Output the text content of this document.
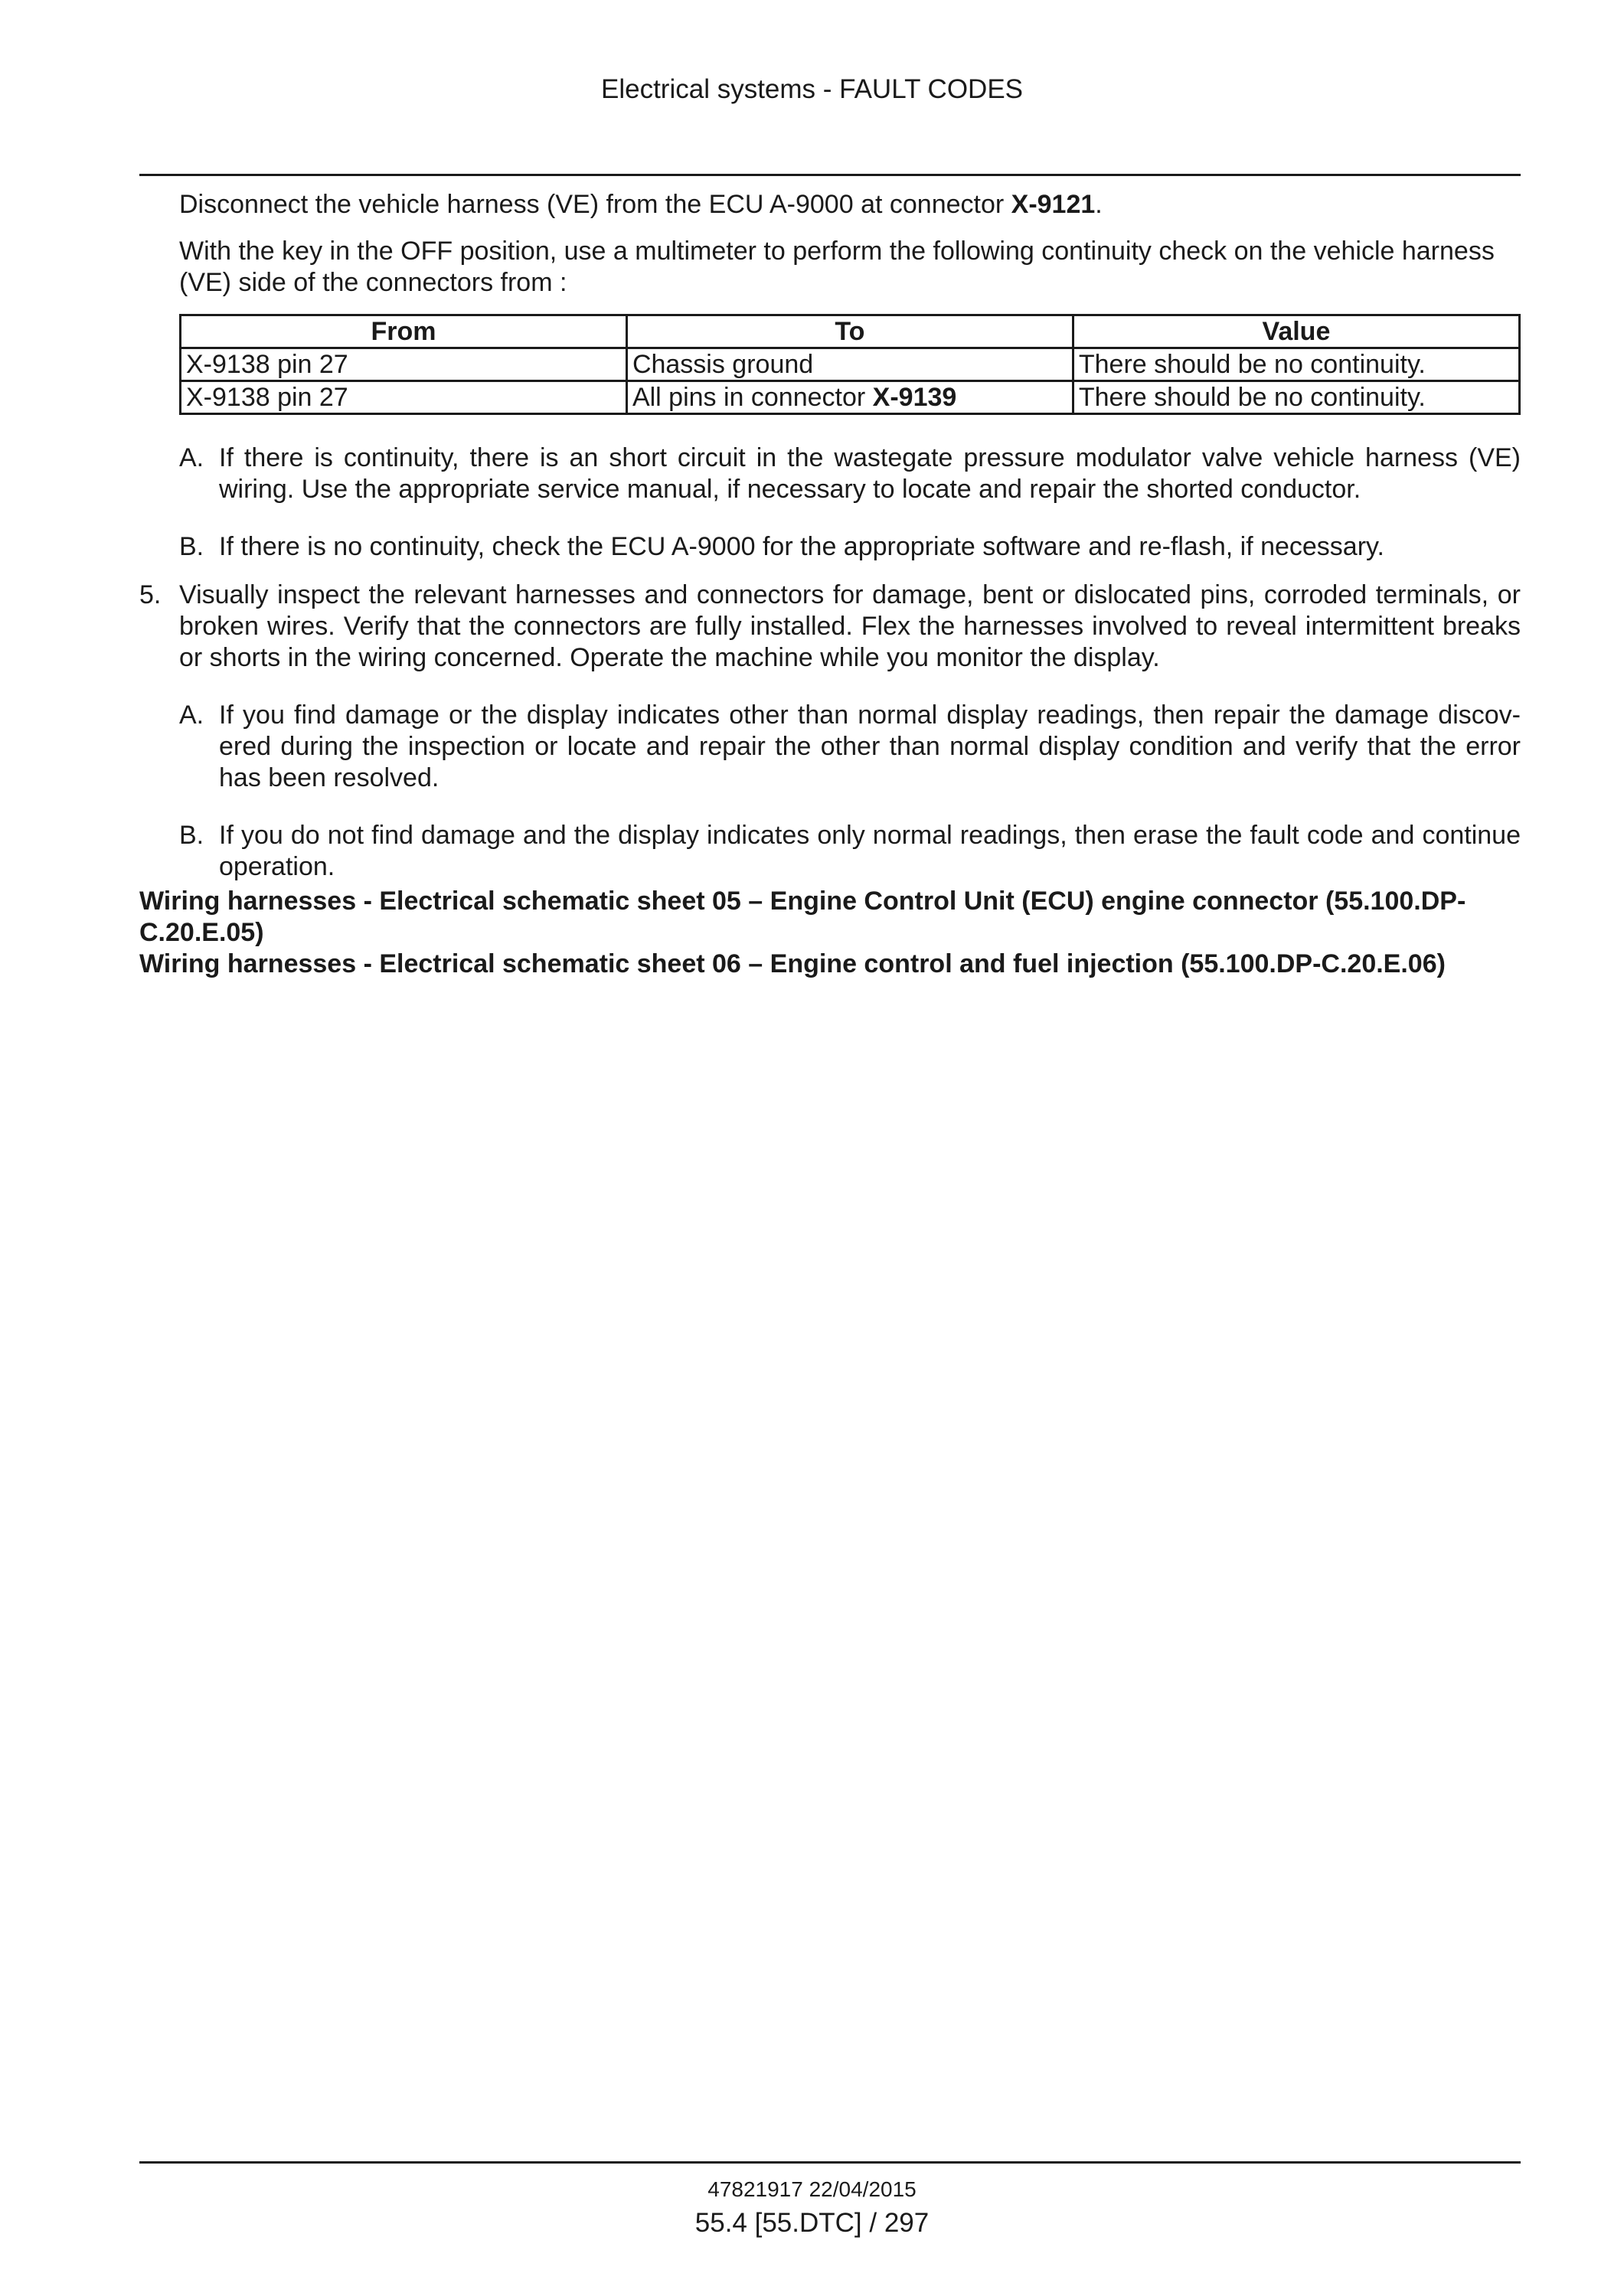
Electrical systems - FAULT CODES

Disconnect the vehicle harness (VE) from the ECU A-9000 at connector X-9121.

With the key in the OFF position, use a multimeter to perform the following continuity check on the vehicle harness (VE) side of the connectors from :

From	To	Value
X-9138 pin 27	Chassis ground	There should be no continuity.
X-9138 pin 27	All pins in connector X-9139	There should be no continuity.
A. If there is continuity, there is an short circuit in the wastegate pressure modulator valve vehicle harness (VE) wiring. Use the appropriate service manual, if necessary to locate and repair the shorted conductor.
B. If there is no continuity, check the ECU A-9000 for the appropriate software and re-flash, if necessary.
5. Visually inspect the relevant harnesses and connectors for damage, bent or dislocated pins, corroded terminals, or broken wires. Verify that the connectors are fully installed. Flex the harnesses involved to reveal intermittent breaks or shorts in the wiring concerned. Operate the machine while you monitor the display.
A. If you find damage or the display indicates other than normal display readings, then repair the damage discov-ered during the inspection or locate and repair the other than normal display condition and verify that the error has been resolved.
B. If you do not find damage and the display indicates only normal readings, then erase the fault code and continue operation.

Wiring harnesses - Electrical schematic sheet 05 – Engine Control Unit (ECU) engine connector (55.100.DP-C.20.E.05)

Wiring harnesses - Electrical schematic sheet 06 – Engine control and fuel injection (55.100.DP-C.20.E.06)

47821917 22/04/2015
55.4 [55.DTC] / 297
